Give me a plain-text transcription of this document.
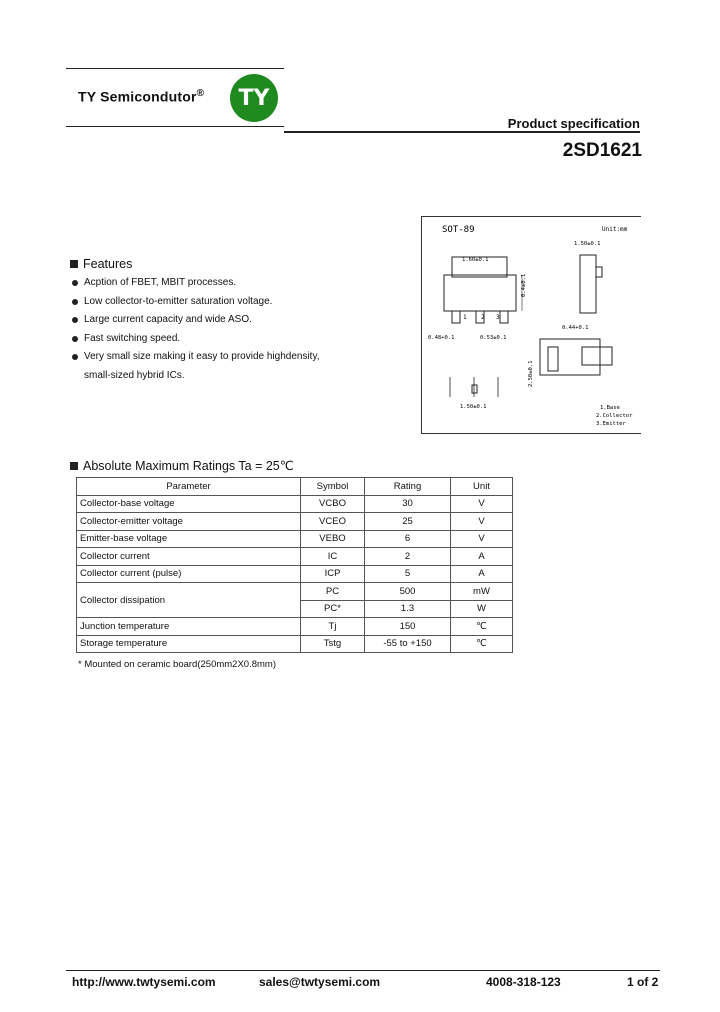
TY Semicondutor®	TY
Product specification
2SD1621
Features
Acption of FBET, MBIT processes.
Low collector-to-emitter saturation voltage.
Large current capacity and wide ASO.
Fast switching speed.
Very small size making it easy to provide highdensity,
small-sized hybrid ICs.
SOT-89	Unit:mm
1 2 3
1.60±0.1
0.48+0.1	0.53±0.1
0.4±0.1
1.50±0.1
0.44+0.1
2.50±0.1
1.50±0.1	1.Base
2.Collector
3.Emitter
Absolute Maximum Ratings Ta = 25℃
Parameter	Symbol	Rating	Unit
Collector-base voltage	VCBO	30	V
Collector-emitter voltage	VCEO	25	V
Emitter-base voltage	VEBO	6	V
Collector current	IC	2	A
Collector current (pulse)	ICP	5	A
Collector dissipation	PC	500	mW
	PC*	1.3	W
Junction temperature	Tj	150	℃
Storage temperature	Tstg	-55 to +150	℃
* Mounted on ceramic board(250mm2X0.8mm)
http://www.twtysemi.com	sales@twtysemi.com	4008-318-123	1 of 2
